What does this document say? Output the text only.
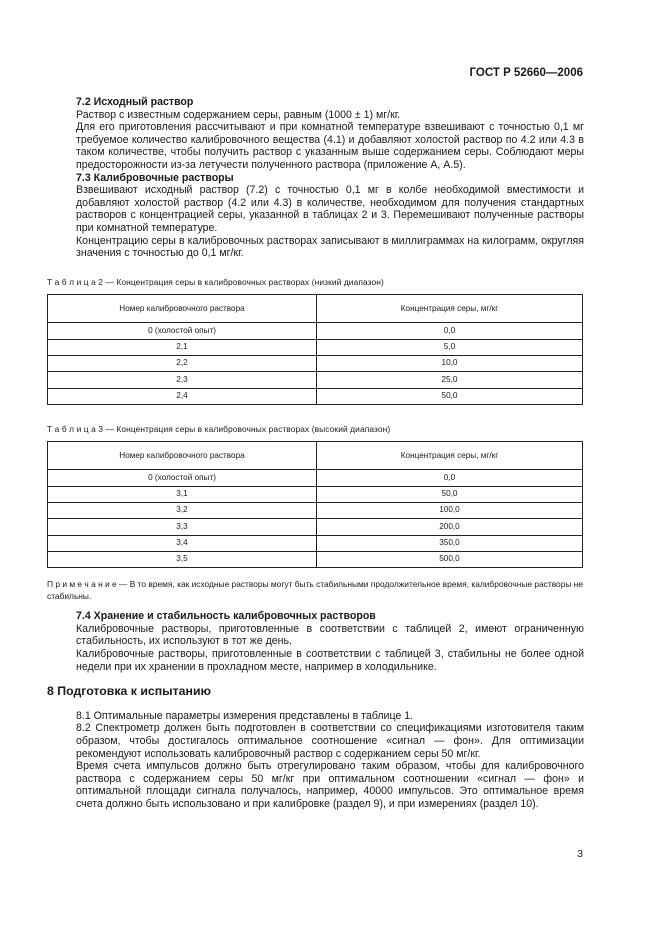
ГОСТ Р 52660—2006

7.2 Исходный раствор

Раствор с известным содержанием серы, равным (1000 ± 1) мг/кг.

Для его приготовления рассчитывают и при комнатной температуре взвешивают с точностью 0,1 мг требуемое количество калибровочного вещества (4.1) и добавляют холостой раствор по 4.2 или 4.3 в таком количестве, чтобы получить раствор с указанным выше содержанием серы. Соблюдают меры предосторожности из-за летучести полученного раствора (приложение А, А.5).

7.3 Калибровочные растворы

Взвешивают исходный раствор (7.2) с точностью 0,1 мг в колбе необходимой вместимости и добавляют холостой раствор (4.2 или 4.3) в количестве, необходимом для получения стандартных растворов с концентрацией серы, указанной в таблицах 2 и 3. Перемешивают полученные растворы при комнатной температуре.

Концентрацию серы в калибровочных растворах записывают в миллиграммах на килограмм, округляя значения с точностью до 0,1 мг/кг.

Т а б л и ц а 2 — Концентрация серы в калибровочных растворах (низкий диапазон)

Номер калибровочного раствора	Концентрация серы, мг/кг
0 (холостой опыт)	0,0
2,1	5,0
2,2	10,0
2,3	25,0
2,4	50,0

Т а б л и ц а 3 — Концентрация серы в калибровочных растворах (высокий диапазон)

Номер калибровочного раствора	Концентрация серы, мг/кг
0 (холостой опыт)	0,0
3,1	50,0
3,2	100,0
3,3	200,0
3,4	350,0
3,5	500,0

П р и м е ч а н и е — В то время, как исходные растворы могут быть стабильными продолжительное время, калибровочные растворы не стабильны.

7.4 Хранение и стабильность калибровочных растворов

Калибровочные растворы, приготовленные в соответствии с таблицей 2, имеют ограниченную стабильность, их используют в тот же день.

Калибровочные растворы, приготовленные в соответствии с таблицей 3, стабильны не более одной недели при их хранении в прохладном месте, например в холодильнике.

8 Подготовка к испытанию

8.1 Оптимальные параметры измерения представлены в таблице 1.

8.2 Спектрометр должен быть подготовлен в соответствии со спецификациями изготовителя таким образом, чтобы достигалось оптимальное соотношение «сигнал — фон». Для оптимизации рекомендуют использовать калибровочный раствор с содержанием серы 50 мг/кг.

Время счета импульсов должно быть отрегулировано таким образом, чтобы для калибровочного раствора с содержанием серы 50 мг/кг при оптимальном соотношении «сигнал — фон» и оптимальной площади сигнала получалось, например, 40000 импульсов. Это оптимальное время счета должно быть использовано и при калибровке (раздел 9), и при измерениях (раздел 10).

3
